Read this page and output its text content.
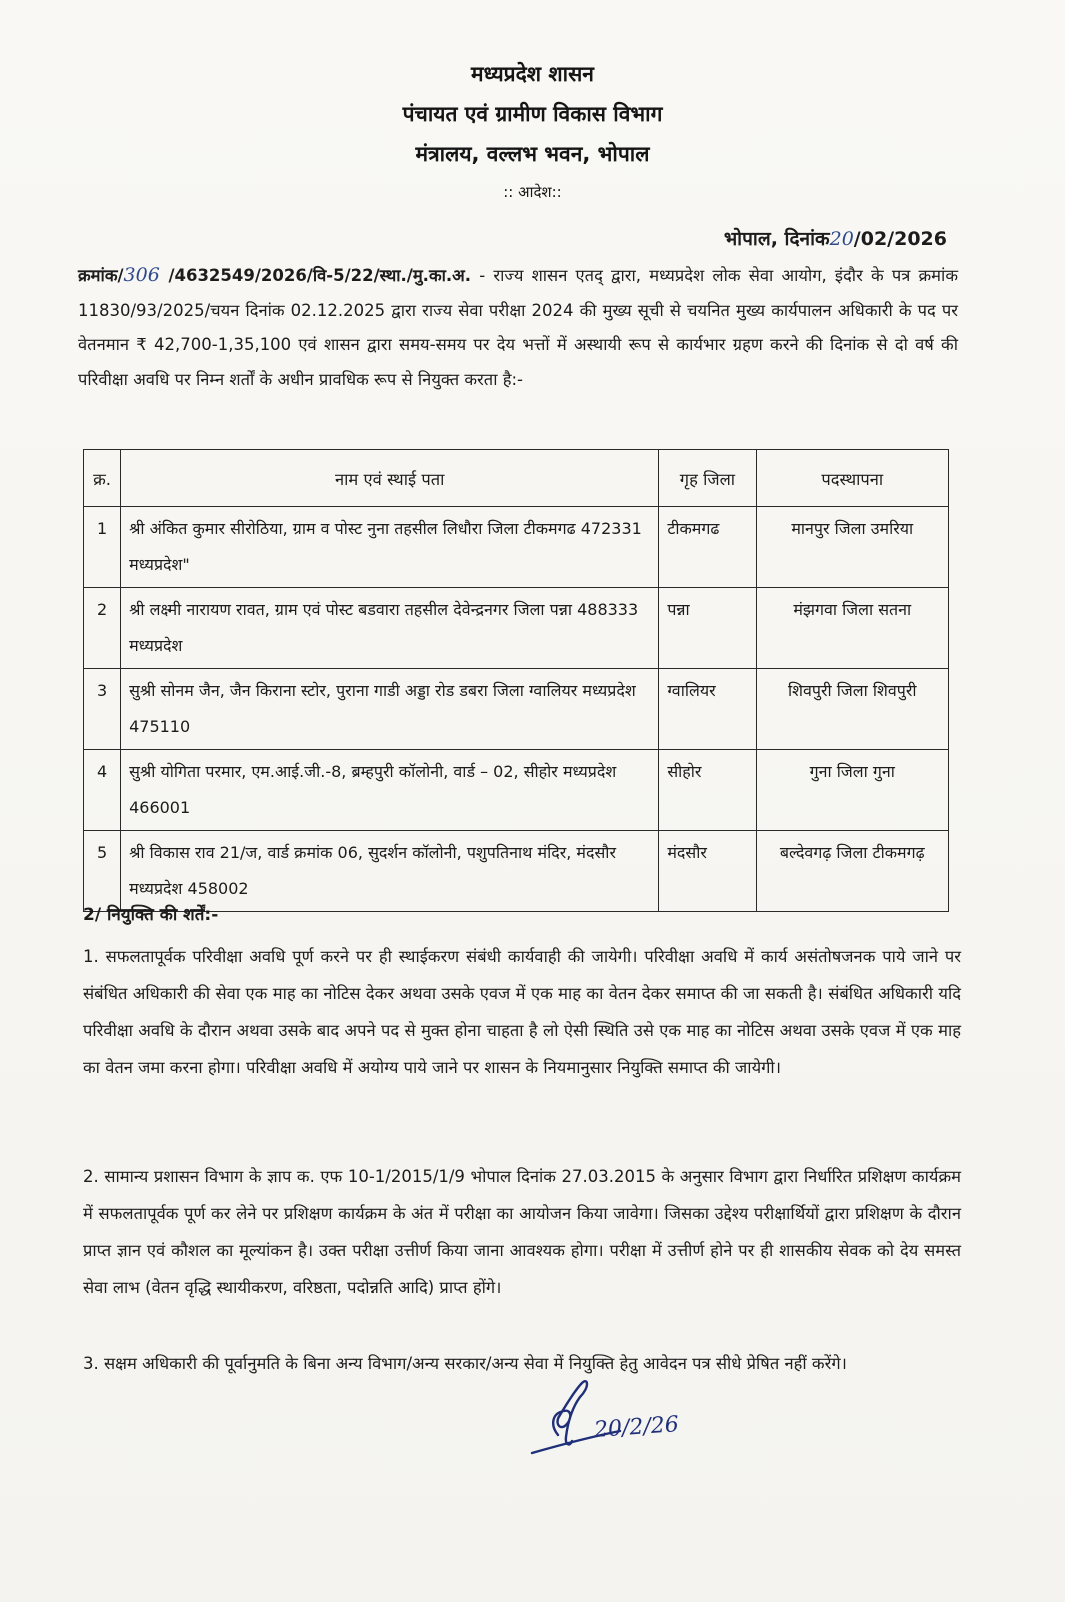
मध्यप्रदेश शासन
पंचायत एवं ग्रामीण विकास विभाग
मंत्रालय, वल्लभ भवन, भोपाल
:: आदेश::
भोपाल, दिनांक20/02/2026
क्रमांक/306 /4632549/2026/वि-5/22/स्था./मु.का.अ. - राज्य शासन एतद् द्वारा, मध्यप्रदेश लोक सेवा आयोग, इंदौर के पत्र क्रमांक 11830/93/2025/चयन दिनांक 02.12.2025 द्वारा राज्य सेवा परीक्षा 2024 की मुख्य सूची से चयनित मुख्य कार्यपालन अधिकारी के पद पर वेतनमान ₹ 42,700-1,35,100 एवं शासन द्वारा समय-समय पर देय भत्तों में अस्थायी रूप से कार्यभार ग्रहण करने की दिनांक से दो वर्ष की परिवीक्षा अवधि पर निम्न शर्तों के अधीन प्रावधिक रूप से नियुक्त करता है:-
क्र.	नाम एवं स्थाई पता	गृह जिला	पदस्थापना
1	श्री अंकित कुमार सीरोठिया, ग्राम व पोस्ट नुना तहसील लिधौरा जिला टीकमगढ 472331 मध्यप्रदेश"	टीकमगढ	मानपुर जिला उमरिया
2	श्री लक्ष्मी नारायण रावत, ग्राम एवं पोस्ट बडवारा तहसील देवेन्द्रनगर जिला पन्ना 488333 मध्यप्रदेश	पन्ना	मंझगवा जिला सतना
3	सुश्री सोनम जैन, जैन किराना स्टोर, पुराना गाडी अड्डा रोड डबरा जिला ग्वालियर मध्यप्रदेश 475110	ग्वालियर	शिवपुरी जिला शिवपुरी
4	सुश्री योगिता परमार, एम.आई.जी.-8, ब्रम्हपुरी कॉलोनी, वार्ड – 02, सीहोर मध्यप्रदेश 466001	सीहोर	गुना जिला गुना
5	श्री विकास राव 21/ज, वार्ड क्रमांक 06, सुदर्शन कॉलोनी, पशुपतिनाथ मंदिर, मंदसौर मध्यप्रदेश 458002	मंदसौर	बल्देवगढ़ जिला टीकमगढ़
2/ नियुक्ति की शर्तें:-
1. सफलतापूर्वक परिवीक्षा अवधि पूर्ण करने पर ही स्थाईकरण संबंधी कार्यवाही की जायेगी। परिवीक्षा अवधि में कार्य असंतोषजनक पाये जाने पर संबंधित अधिकारी की सेवा एक माह का नोटिस देकर अथवा उसके एवज में एक माह का वेतन देकर समाप्त की जा सकती है। संबंधित अधिकारी यदि परिवीक्षा अवधि के दौरान अथवा उसके बाद अपने पद से मुक्त होना चाहता है लो ऐसी स्थिति उसे एक माह का नोटिस अथवा उसके एवज में एक माह का वेतन जमा करना होगा। परिवीक्षा अवधि में अयोग्य पाये जाने पर शासन के नियमानुसार नियुक्ति समाप्त की जायेगी।
2. सामान्य प्रशासन विभाग के ज्ञाप क. एफ 10-1/2015/1/9 भोपाल दिनांक 27.03.2015 के अनुसार विभाग द्वारा निर्धारित प्रशिक्षण कार्यक्रम में सफलतापूर्वक पूर्ण कर लेने पर प्रशिक्षण कार्यक्रम के अंत में परीक्षा का आयोजन किया जावेगा। जिसका उद्देश्य परीक्षार्थियों द्वारा प्रशिक्षण के दौरान प्राप्त ज्ञान एवं कौशल का मूल्यांकन है। उक्त परीक्षा उत्तीर्ण किया जाना आवश्यक होगा। परीक्षा में उत्तीर्ण होने पर ही शासकीय सेवक को देय समस्त सेवा लाभ (वेतन वृद्धि स्थायीकरण, वरिष्ठता, पदोन्नति आदि) प्राप्त होंगे।
3. सक्षम अधिकारी की पूर्वानुमति के बिना अन्य विभाग/अन्य सरकार/अन्य सेवा में नियुक्ति हेतु आवेदन पत्र सीधे प्रेषित नहीं करेंगे।
20/2/26
